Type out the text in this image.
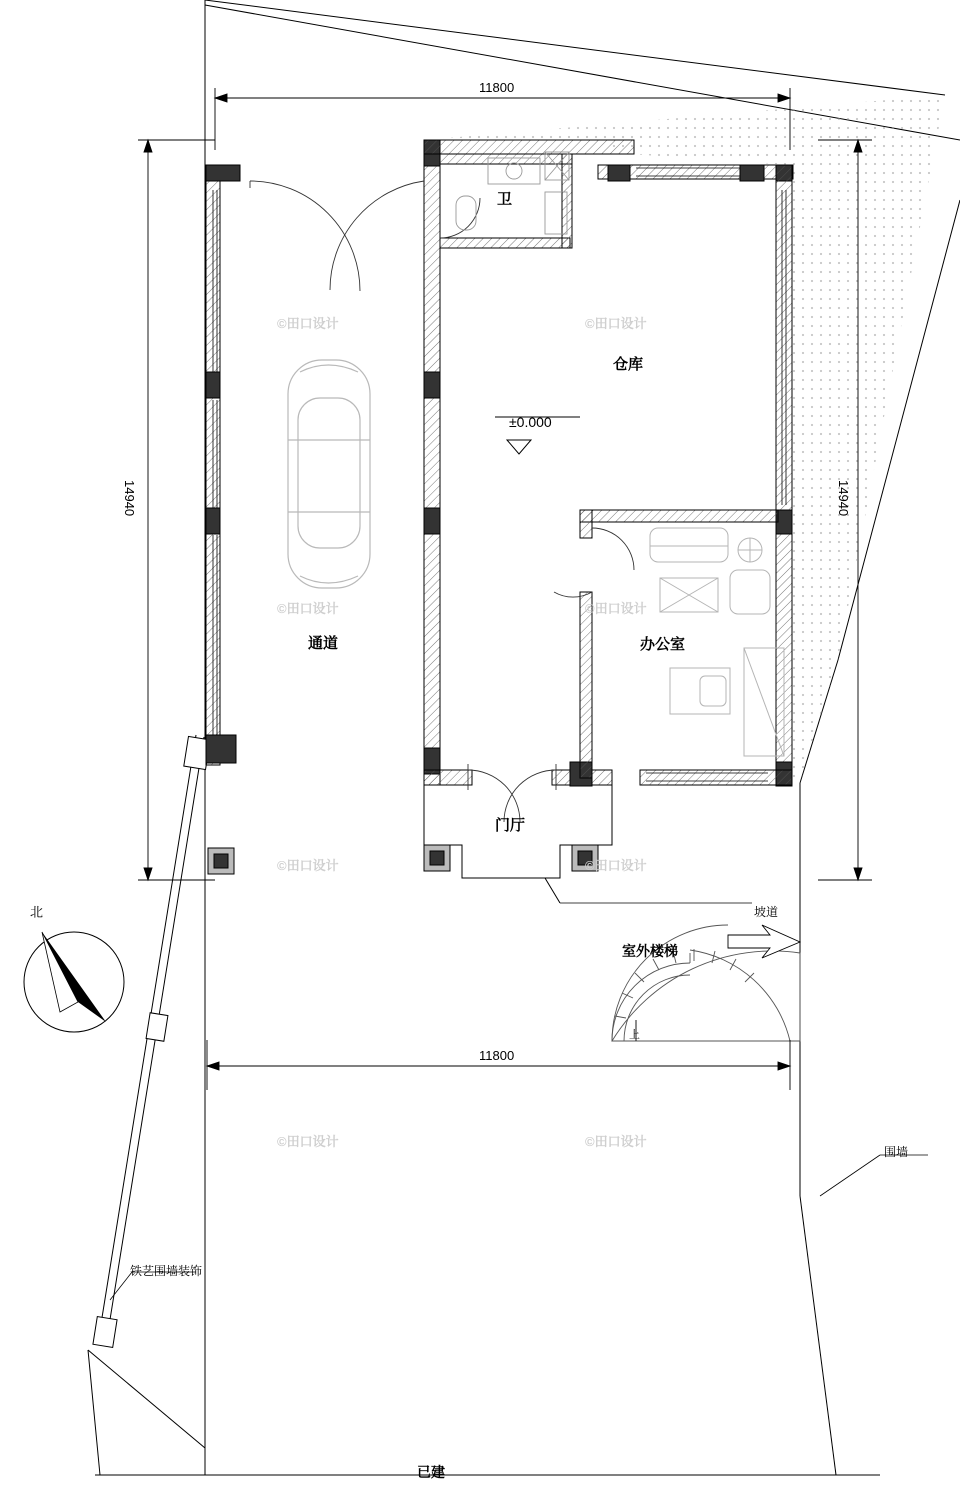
11800
11800
14940	14940
卫
仓库
通道	办公室
门厅
±0.000
坡道
室外楼梯
围墙
铁艺围墙装饰
上
北
已建
©田口设计	©田口设计
©田口设计	©田口设计
©田口设计	©田口设计
©田口设计	©田口设计
